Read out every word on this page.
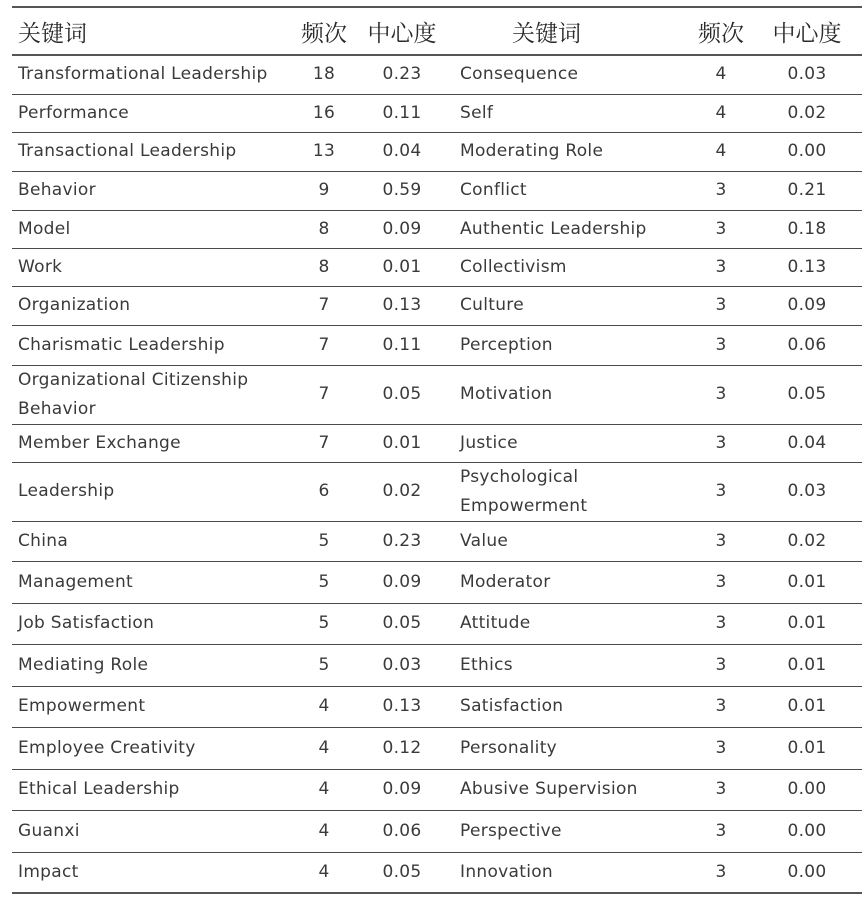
关键词	频次	中心度	关键词	频次	中心度
Transformational Leadership	18	0.23	Consequence	4	0.03
Performance	16	0.11	Self	4	0.02
Transactional Leadership	13	0.04	Moderating Role	4	0.00
Behavior	9	0.59	Conflict	3	0.21
Model	8	0.09	Authentic Leadership	3	0.18
Work	8	0.01	Collectivism	3	0.13
Organization	7	0.13	Culture	3	0.09
Charismatic Leadership	7	0.11	Perception	3	0.06
Organizational Citizenship Behavior	7	0.05	Motivation	3	0.05
Member Exchange	7	0.01	Justice	3	0.04
Leadership	6	0.02	Psychological Empowerment	3	0.03
China	5	0.23	Value	3	0.02
Management	5	0.09	Moderator	3	0.01
Job Satisfaction	5	0.05	Attitude	3	0.01
Mediating Role	5	0.03	Ethics	3	0.01
Empowerment	4	0.13	Satisfaction	3	0.01
Employee Creativity	4	0.12	Personality	3	0.01
Ethical Leadership	4	0.09	Abusive Supervision	3	0.00
Guanxi	4	0.06	Perspective	3	0.00
Impact	4	0.05	Innovation	3	0.00
